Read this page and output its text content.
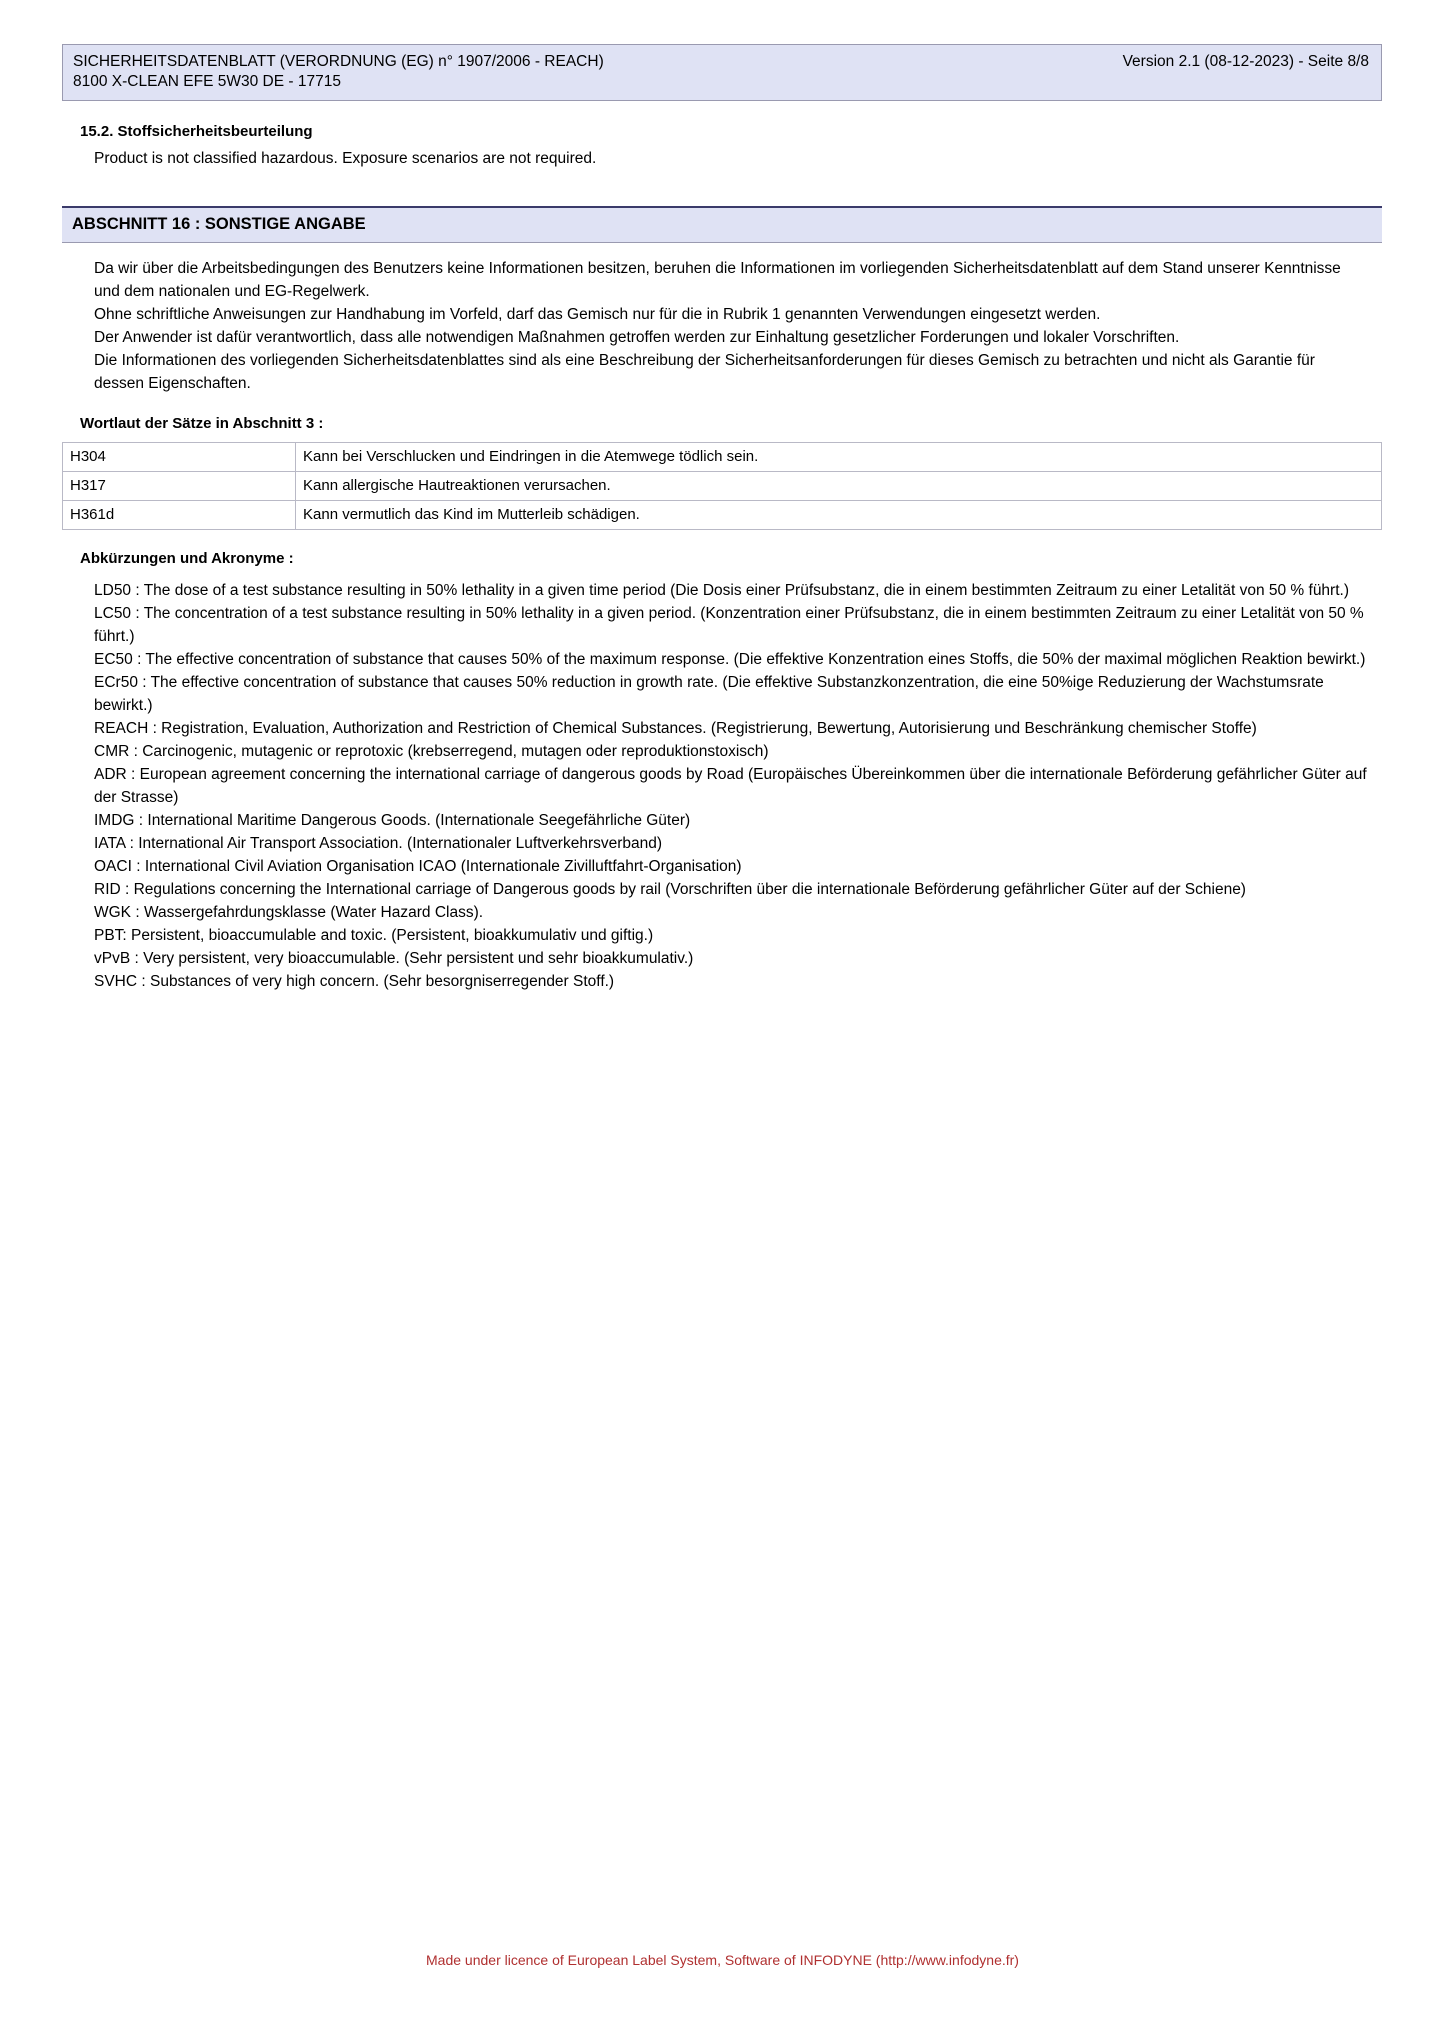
SICHERHEITSDATENBLATT (VERORDNUNG (EG) n° 1907/2006 - REACH)
8100 X-CLEAN EFE 5W30 DE - 17715
Version 2.1 (08-12-2023) - Seite 8/8
15.2. Stoffsicherheitsbeurteilung
Product is not classified hazardous. Exposure scenarios are not required.
ABSCHNITT 16 : SONSTIGE ANGABE

Da wir über die Arbeitsbedingungen des Benutzers keine Informationen besitzen, beruhen die Informationen im vorliegenden Sicherheitsdatenblatt auf dem Stand unserer Kenntnisse und dem nationalen und EG-Regelwerk.

Ohne schriftliche Anweisungen zur Handhabung im Vorfeld, darf das Gemisch nur für die in Rubrik 1 genannten Verwendungen eingesetzt werden.

Der Anwender ist dafür verantwortlich, dass alle notwendigen Maßnahmen getroffen werden zur Einhaltung gesetzlicher Forderungen und lokaler Vorschriften.

Die Informationen des vorliegenden Sicherheitsdatenblattes sind als eine Beschreibung der Sicherheitsanforderungen für dieses Gemisch zu betrachten und nicht als Garantie für dessen Eigenschaften.

Wortlaut der Sätze in Abschnitt 3 :
H304	Kann bei Verschlucken und Eindringen in die Atemwege tödlich sein.
H317	Kann allergische Hautreaktionen verursachen.
H361d	Kann vermutlich das Kind im Mutterleib schädigen.
Abkürzungen und Akronyme :

LD50 : The dose of a test substance resulting in 50% lethality in a given time period (Die Dosis einer Prüfsubstanz, die in einem bestimmten Zeitraum zu einer Letalität von 50 % führt.)

LC50 : The concentration of a test substance resulting in 50% lethality in a given period. (Konzentration einer Prüfsubstanz, die in einem bestimmten Zeitraum zu einer Letalität von 50 % führt.)

EC50 : The effective concentration of substance that causes 50% of the maximum response. (Die effektive Konzentration eines Stoffs, die 50% der maximal möglichen Reaktion bewirkt.)

ECr50 : The effective concentration of substance that causes 50% reduction in growth rate. (Die effektive Substanzkonzentration, die eine 50%ige Reduzierung der Wachstumsrate bewirkt.)

REACH : Registration, Evaluation, Authorization and Restriction of Chemical Substances. (Registrierung, Bewertung, Autorisierung und Beschränkung chemischer Stoffe)

CMR : Carcinogenic, mutagenic or reprotoxic (krebserregend, mutagen oder reproduktionstoxisch)

ADR : European agreement concerning the international carriage of dangerous goods by Road (Europäisches Übereinkommen über die internationale Beförderung gefährlicher Güter auf der Strasse)

IMDG : International Maritime Dangerous Goods. (Internationale Seegefährliche Güter)

IATA : International Air Transport Association. (Internationaler Luftverkehrsverband)

OACI : International Civil Aviation Organisation ICAO (Internationale Zivilluftfahrt-Organisation)

RID : Regulations concerning the International carriage of Dangerous goods by rail (Vorschriften über die internationale Beförderung gefährlicher Güter auf der Schiene)

WGK : Wassergefahrdungsklasse (Water Hazard Class).

PBT: Persistent, bioaccumulable and toxic. (Persistent, bioakkumulativ und giftig.)

vPvB : Very persistent, very bioaccumulable. (Sehr persistent und sehr bioakkumulativ.)

SVHC : Substances of very high concern. (Sehr besorgniserregender Stoff.)

Made under licence of European Label System, Software of INFODYNE (http://www.infodyne.fr)
